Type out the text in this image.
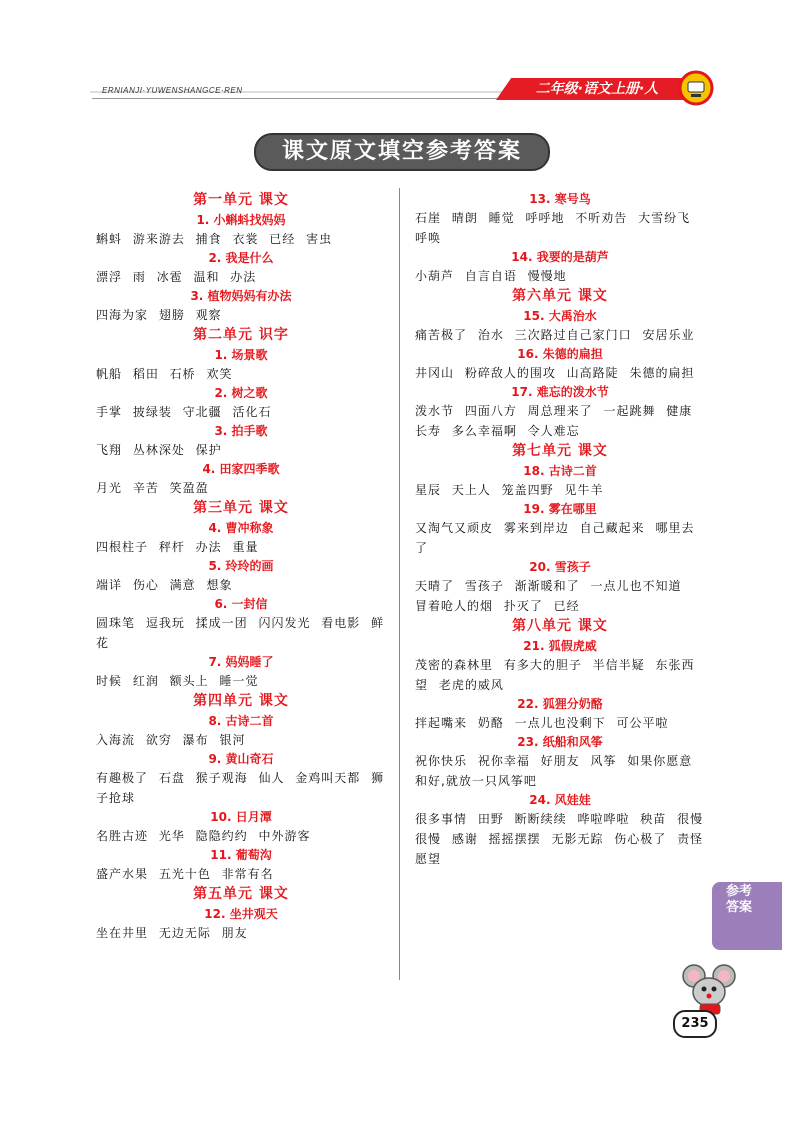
ERNIANJI·YUWENSHANGCE·REN	二年级·语文上册·人
课文原文填空参考答案
第一单元 课文
1. 小蝌蚪找妈妈
蝌蚪 游来游去 捕食 衣裳 已经 害虫
2. 我是什么
漂浮 雨 冰雹 温和 办法
3. 植物妈妈有办法
四海为家 翅膀 观察
第二单元 识字
1. 场景歌
帆船 稻田 石桥 欢笑
2. 树之歌
手掌 披绿装 守北疆 活化石
3. 拍手歌
飞翔 丛林深处 保护
4. 田家四季歌
月光 辛苦 笑盈盈
第三单元 课文
4. 曹冲称象
四根柱子 秤杆 办法 重量
5. 玲玲的画
端详 伤心 满意 想象
6. 一封信
圆珠笔 逗我玩 揉成一团 闪闪发光 看电影 鲜花
7. 妈妈睡了
时候 红润 额头上 睡一觉
第四单元 课文
8. 古诗二首
入海流 欲穷 瀑布 银河
9. 黄山奇石
有趣极了 石盘 猴子观海 仙人 金鸡叫天都 狮子抢球
10. 日月潭
名胜古迹 光华 隐隐约约 中外游客
11. 葡萄沟
盛产水果 五光十色 非常有名
第五单元 课文
12. 坐井观天
坐在井里 无边无际 朋友
13. 寒号鸟
石崖 晴朗 睡觉 呼呼地 不听劝告 大雪纷飞 呼唤
14. 我要的是葫芦
小葫芦 自言自语 慢慢地
第六单元 课文
15. 大禹治水
痛苦极了 治水 三次路过自己家门口 安居乐业
16. 朱德的扁担
井冈山 粉碎敌人的围攻 山高路陡 朱德的扁担
17. 难忘的泼水节
泼水节 四面八方 周总理来了 一起跳舞 健康长寿 多么幸福啊 令人难忘
第七单元 课文
18. 古诗二首
星辰 天上人 笼盖四野 见牛羊
19. 雾在哪里
又淘气又顽皮 雾来到岸边 自己藏起来 哪里去了
20. 雪孩子
天晴了 雪孩子 渐渐暖和了 一点儿也不知道 冒着呛人的烟 扑灭了 已经
第八单元 课文
21. 狐假虎威
茂密的森林里 有多大的胆子 半信半疑 东张西望 老虎的威风
22. 狐狸分奶酪
拌起嘴来 奶酪 一点儿也没剩下 可公平啦
23. 纸船和风筝
祝你快乐 祝你幸福 好朋友 风筝 如果你愿意和好,就放一只风筝吧
24. 风娃娃
很多事情 田野 断断续续 哗啦哗啦 秧苗 很慢很慢 感谢 摇摇摆摆 无影无踪 伤心极了 责怪 愿望
参考答案
235
